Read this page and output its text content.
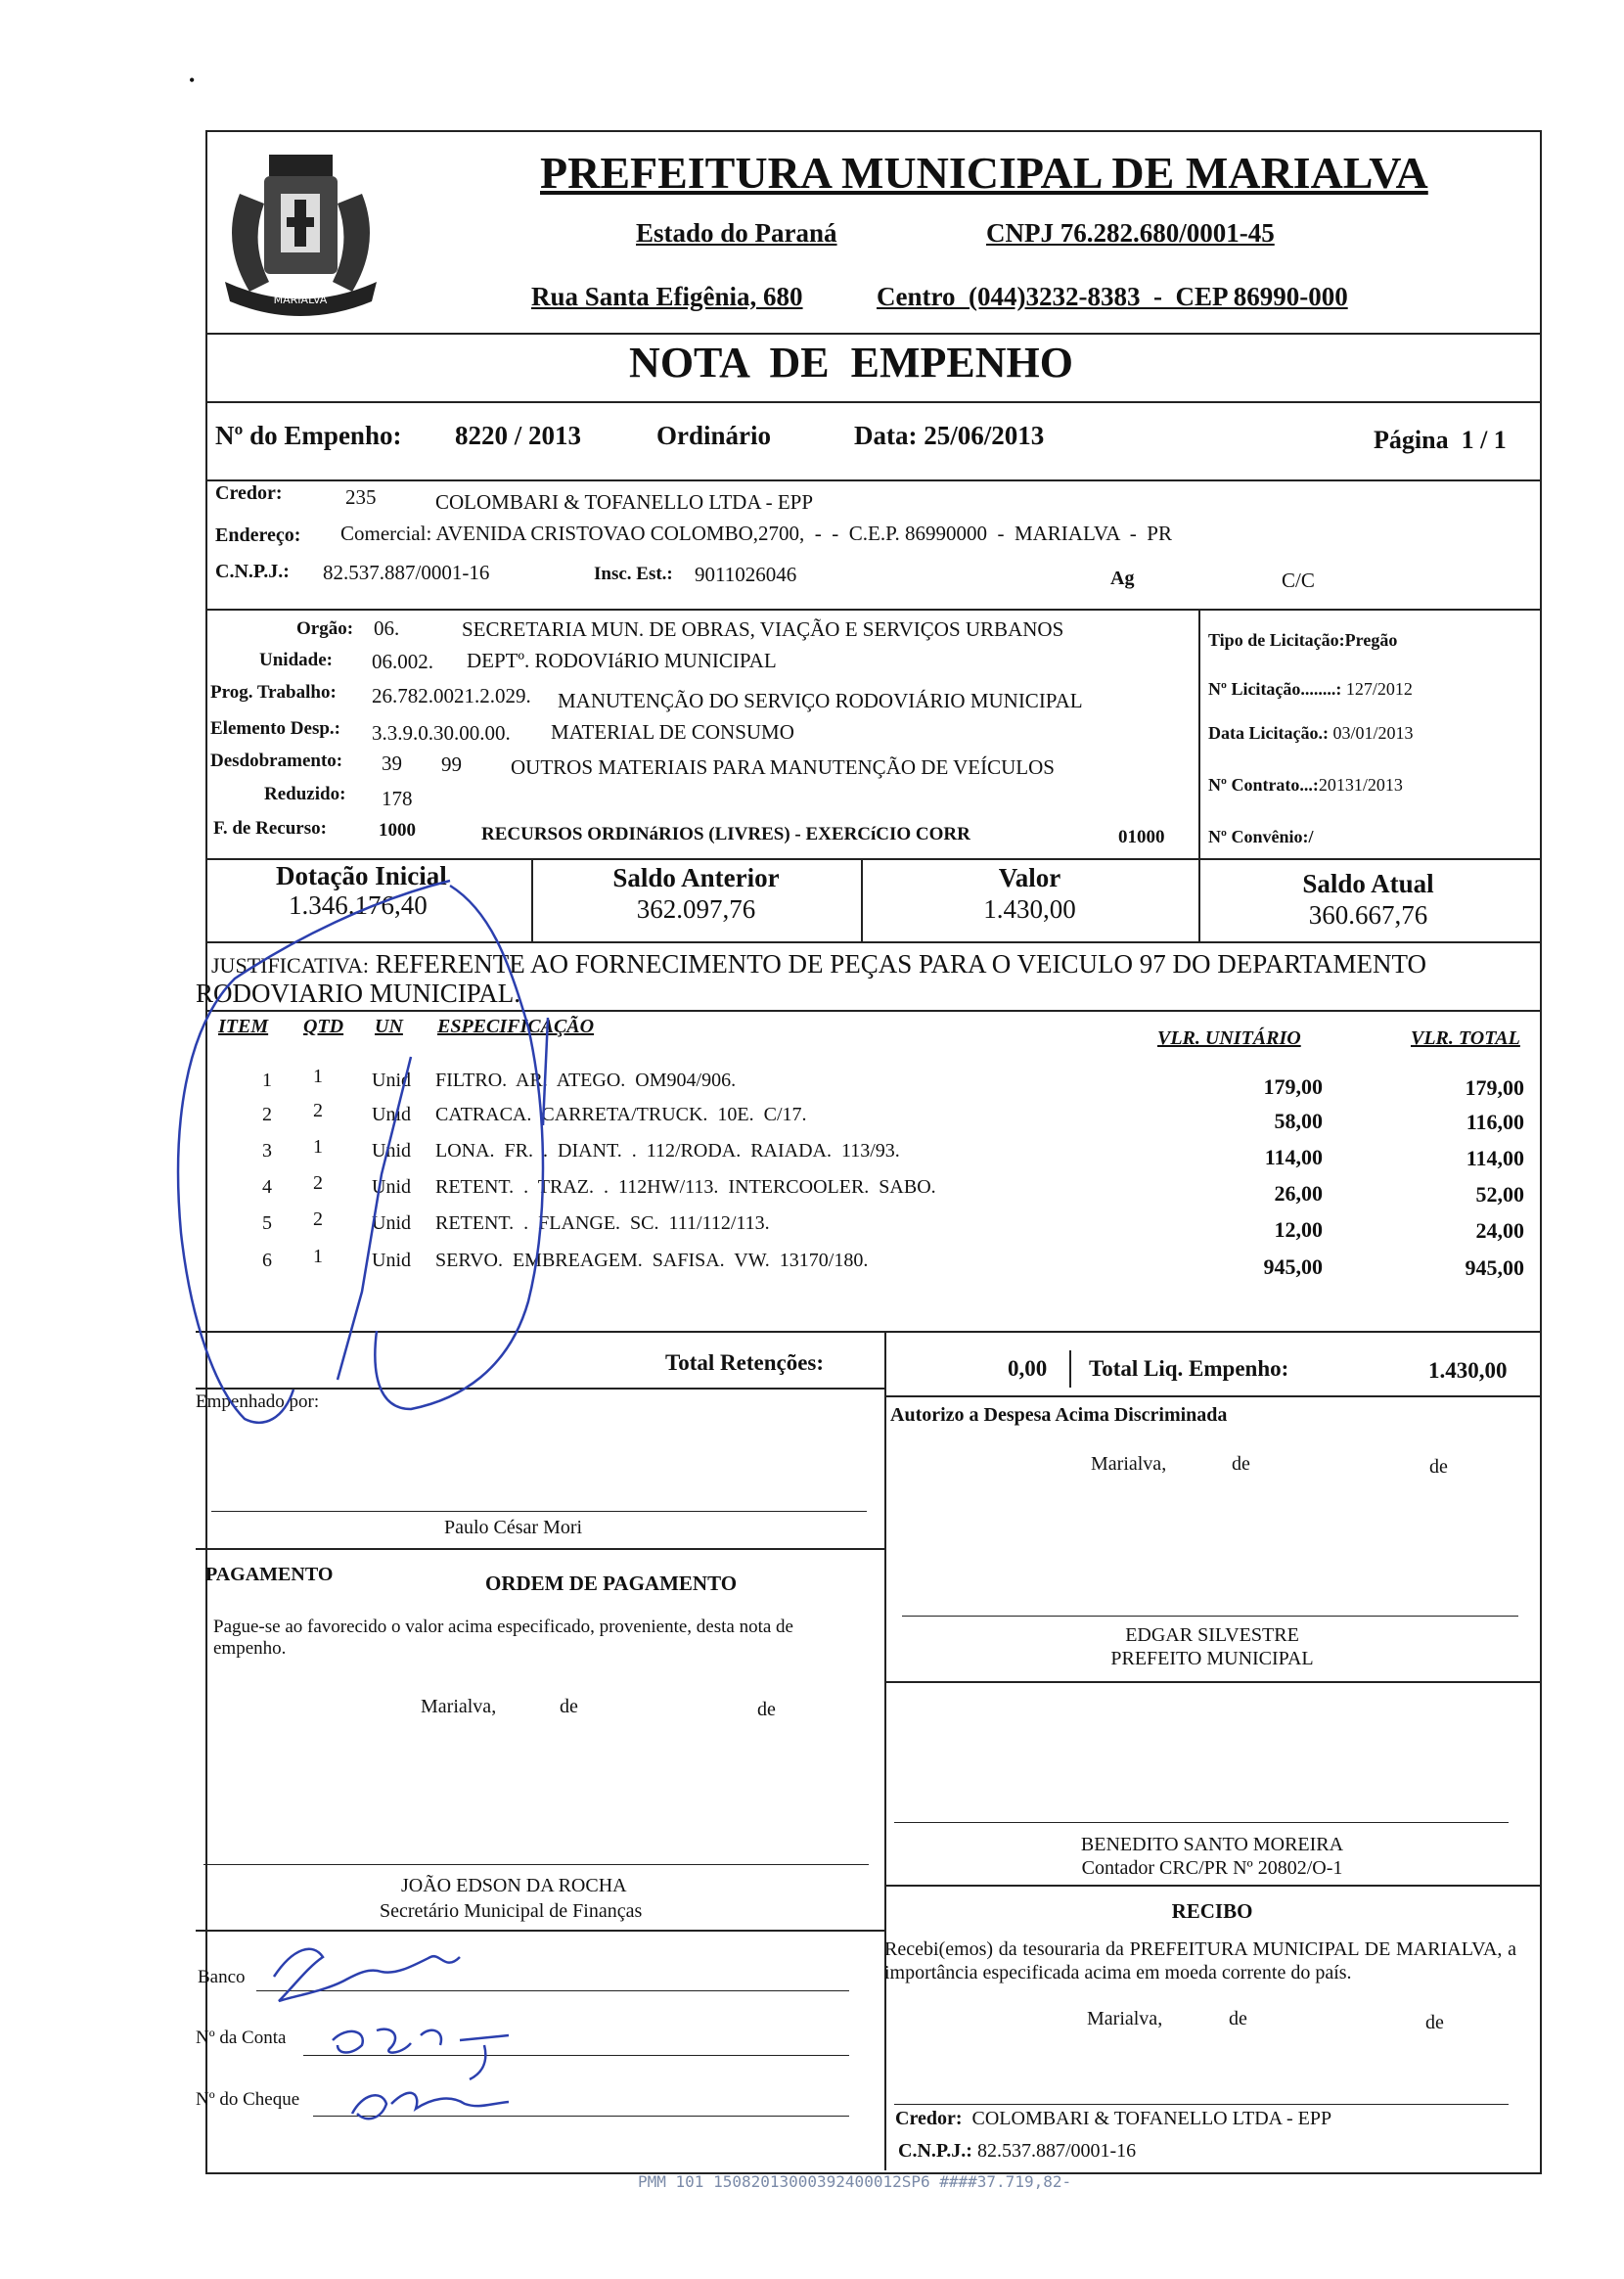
•
MARIALVA
PREFEITURA MUNICIPAL DE MARIALVA
Estado do Paraná	CNPJ 76.282.680/0001-45
Rua Santa Efigênia, 680	Centro  (044)3232-8383  -  CEP 86990-000
NOTA  DE  EMPENHO
Nº do Empenho: 8220 / 2013	Ordinário	Data: 25/06/2013	Página  1 / 1
Credor:	235	COLOMBARI & TOFANELLO LTDA - EPP
Endereço: Comercial: AVENIDA CRISTOVAO COLOMBO,2700,  -  -  C.E.P. 86990000  -  MARIALVA  -  PR
C.N.P.J.: 82.537.887/0001-16	Insc. Est.: 9011026046	Ag	C/C
Orgão: 06.	SECRETARIA MUN. DE OBRAS, VIAÇÃO E SERVIÇOS URBANOS
Unidade: 06.002. DEPTº. RODOVIáRIO MUNICIPAL
Prog. Trabalho: 26.782.0021.2.029. MANUTENÇÃO DO SERVIÇO RODOVIÁRIO MUNICIPAL
Elemento Desp.: 3.3.9.0.30.00.00. MATERIAL DE CONSUMO
Desdobramento: 39 99 OUTROS MATERIAIS PARA MANUTENÇÃO DE VEÍCULOS
Reduzido: 178
F. de Recurso:	1000	RECURSOS ORDINáRIOS (LIVRES) - EXERCíCIO CORR	01000
Tipo de Licitação:Pregão
Nº Licitação........: 127/2012
Data Licitação.: 03/01/2013
Nº Contrato...:20131/2013
Nº Convênio:/
Dotação Inicial
1.346.176,40
Saldo Anterior
362.097,76
Valor
1.430,00
Saldo Atual
360.667,76
JUSTIFICATIVA: REFERENTE AO FORNECIMENTO DE PEÇAS PARA O VEICULO 97 DO DEPARTAMENTO
RODOVIARIO MUNICIPAL.
ITEM QTD UN ESPECIFICAÇÃO
VLR. UNITÁRIO	VLR. TOTAL
1 1	Unid FILTRO.  AR.  ATEGO.  OM904/906.	179,00	179,00
2 2	Unid CATRACA.  CARRETA/TRUCK.  10E.  C/17.	58,00	116,00
3 1	Unid LONA.  FR.  .  DIANT.  .  112/RODA.  RAIADA.  113/93.	114,00	114,00
4 2	Unid RETENT.  .  TRAZ.  .  112HW/113.  INTERCOOLER.  SABO.	26,00	52,00
5 2	Unid RETENT.  .  FLANGE.  SC.  111/112/113.	12,00	24,00
6 1	Unid SERVO.  EMBREAGEM.  SAFISA.  VW.  13170/180.	945,00	945,00
Total Retenções:	0,00 Total Liq. Empenho:	1.430,00
Empenhado por:
Paulo César Mori
PAGAMENTO	ORDEM DE PAGAMENTO
Pague-se ao favorecido o valor acima especificado, proveniente, desta nota de empenho.
Marialva,	de	de
JOÃO EDSON DA ROCHA
Secretário Municipal de Finanças
Banco
Nº da Conta
Nº do Cheque
Autorizo a Despesa Acima Discriminada
Marialva,	de	de
EDGAR SILVESTRE
PREFEITO MUNICIPAL
BENEDITO SANTO MOREIRA
Contador CRC/PR Nº 20802/O-1
RECIBO
Recebi(emos) da tesouraria da PREFEITURA MUNICIPAL DE MARIALVA, a importância especificada acima em moeda corrente do país.
Marialva,	de	de
Credor: COLOMBARI & TOFANELLO LTDA - EPP
C.N.P.J.: 82.537.887/0001-16
PMM 101 15082013000392400012SP6 ####37.719,82-
